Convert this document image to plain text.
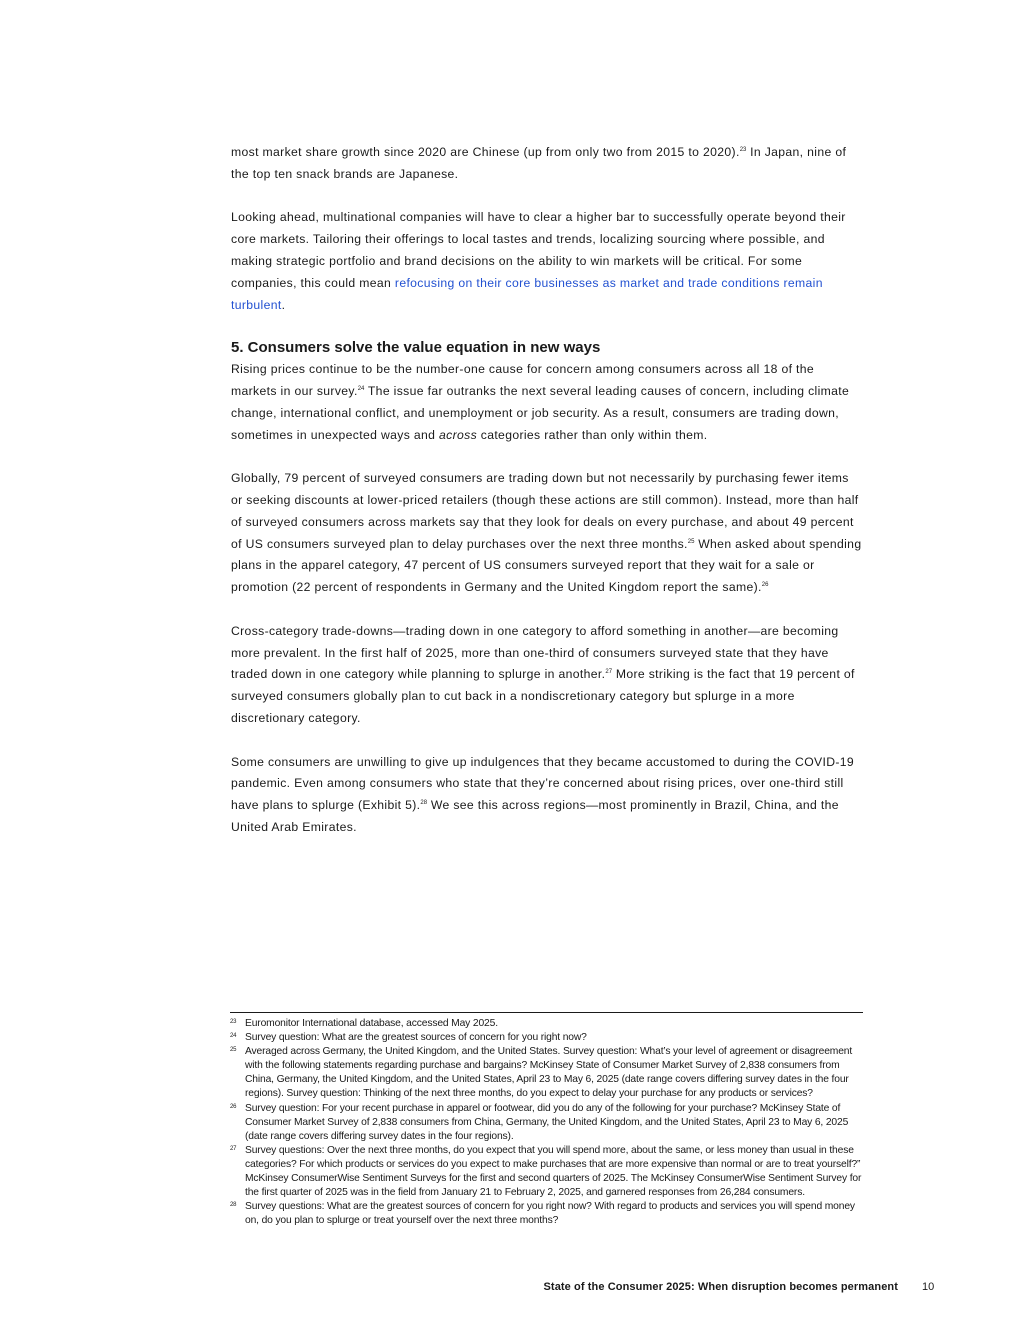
most market share growth since 2020 are Chinese (up from only two from 2015 to 2020).$^{23}$ In Japan, nine of the top ten snack brands are Japanese.

Looking ahead, multinational companies will have to clear a higher bar to successfully operate beyond their core markets. Tailoring their offerings to local tastes and trends, localizing sourcing where possible, and making strategic portfolio and brand decisions on the ability to win markets will be critical. For some companies, this could mean refocusing on their core businesses as market and trade conditions remain turbulent.

5. Consumers solve the value equation in new ways

Rising prices continue to be the number-one cause for concern among consumers across all 18 of the markets in our survey.$^{24}$ The issue far outranks the next several leading causes of concern, including climate change, international conflict, and unemployment or job security. As a result, consumers are trading down, sometimes in unexpected ways and across categories rather than only within them.

Globally, 79 percent of surveyed consumers are trading down but not necessarily by purchasing fewer items or seeking discounts at lower-priced retailers (though these actions are still common). Instead, more than half of surveyed consumers across markets say that they look for deals on every purchase, and about 49 percent of US consumers surveyed plan to delay purchases over the next three months.$^{25}$ When asked about spending plans in the apparel category, 47 percent of US consumers surveyed report that they wait for a sale or promotion (22 percent of respondents in Germany and the United Kingdom report the same).$^{26}$

Cross-category trade-downs—trading down in one category to afford something in another—are becoming more prevalent. In the first half of 2025, more than one-third of consumers surveyed state that they have traded down in one category while planning to splurge in another.$^{27}$ More striking is the fact that 19 percent of surveyed consumers globally plan to cut back in a nondiscretionary category but splurge in a more discretionary category.

Some consumers are unwilling to give up indulgences that they became accustomed to during the COVID-19 pandemic. Even among consumers who state that they’re concerned about rising prices, over one-third still have plans to splurge (Exhibit 5).$^{28}$ We see this across regions—most prominently in Brazil, China, and the United Arab Emirates.

23 Euromonitor International database, accessed May 2025.
24 Survey question: What are the greatest sources of concern for you right now?
25 Averaged across Germany, the United Kingdom, and the United States. Survey question: What’s your level of agreement or disagreement with the following statements regarding purchase and bargains? McKinsey State of Consumer Market Survey of 2,838 consumers from China, Germany, the United Kingdom, and the United States, April 23 to May 6, 2025 (date range covers differing survey dates in the four regions). Survey question: Thinking of the next three months, do you expect to delay your purchase for any products or services?
26 Survey question: For your recent purchase in apparel or footwear, did you do any of the following for your purchase? McKinsey State of Consumer Market Survey of 2,838 consumers from China, Germany, the United Kingdom, and the United States, April 23 to May 6, 2025 (date range covers differing survey dates in the four regions).
27 Survey questions: Over the next three months, do you expect that you will spend more, about the same, or less money than usual in these categories? For which products or services do you expect to make purchases that are more expensive than normal or are to treat yourself?” McKinsey ConsumerWise Sentiment Surveys for the first and second quarters of 2025. The McKinsey ConsumerWise Sentiment Survey for the first quarter of 2025 was in the field from January 21 to February 2, 2025, and garnered responses from 26,284 consumers.
28 Survey questions: What are the greatest sources of concern for you right now? With regard to products and services you will spend money on, do you plan to splurge or treat yourself over the next three months?
State of the Consumer 2025: When disruption becomes permanent 10
